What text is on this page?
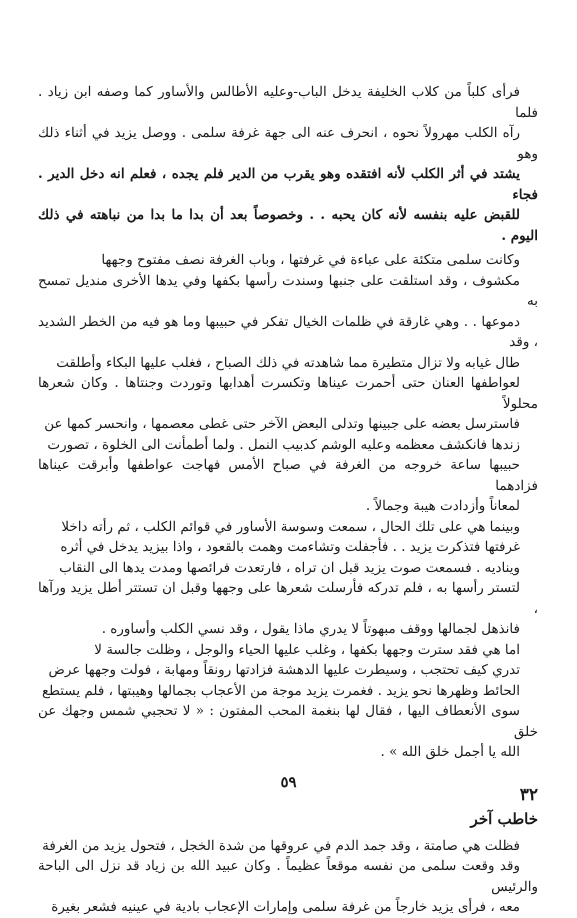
فرأى كلباً من كلاب الخليفة يدخل الباب-وعليه الأطالس والأساور كما وصفه ابن زياد . فلما
رآه الكلب مهرولاً نحوه ، انحرف عنه الى جهة غرفة سلمى . ووصل يزيد في أثناء ذلك وهو
يشتد في أثر الكلب لأنه افتقده وهو يقرب من الدير فلم يجده ، فعلم انه دخل الدير . فجاء
للقبض عليه بنفسه لأنه كان يحبه . . وخصوصاً بعد أن بدا ما بدا من نباهته في ذلك اليوم .

وكانت سلمى متكئة على عباءة في غرفتها ، وباب الغرفة نصف مفتوح وجهها
مكشوف ، وقد استلقت على جنبها وسندت رأسها بكفها وفي يدها الأخرى منديل تمسح به
دموعها . . وهي غارقة في ظلمات الخيال تفكر في حبيبها وما هو فيه من الخطر الشديد ، وقد
طال غيابه ولا تزال متطيرة مما شاهدته في ذلك الصباح ، فغلب عليها البكاء وأطلقت
لعواطفها العنان حتى أحمرت عيناها وتكسرت أهدابها وتوردت وجنتاها . وكان شعرها محلولاً
فاسترسل بعضه على جبينها وتدلى البعض الآخر حتى غطى معصمها ، وانحسر كمها عن
زندها فانكشف معظمه وعليه الوشم كدبيب النمل . ولما أطمأنت الى الخلوة ، تصورت
حبيبها ساعة خروجه من الغرفة في صباح الأمس فهاجت عواطفها وأبرقت عيناها فزادهما
لمعاناً وأزدادت هيبة وجمالاً .

وبينما هي على تلك الحال ، سمعت وسوسة الأساور في قوائم الكلب ، ثم رأته داخلا
غرفتها فتذكرت يزيد . . فأجفلت وتشاءمت وهمت بالقعود ، واذا بيزيد يدخل في أثره
ويناديه . فسمعت صوت يزيد قبل ان تراه ، فارتعدت فرائصها ومدت يدها الى النقاب
لتستر رأسها به ، فلم تدركه فأرسلت شعرها على وجهها وقبل ان تستتر أطل يزيد ورآها ،
فانذهل لجمالها ووقف مبهوتاً لا يدري ماذا يقول ، وقد نسي الكلب وأساوره .

اما هي فقد سترت وجهها بكفها ، وغلب عليها الحياء والوجل ، وظلت جالسة لا
تدري كيف تحتجب ، وسيطرت عليها الدهشة فزادتها رونقاً ومهابة ، فولت وجهها عرض
الحائط وظهرها نحو يزيد . فغمرت يزيد موجة من الأعجاب بجمالها وهيبتها ، فلم يستطع
سوى الأنعطاف اليها ، فقال لها بنغمة المحب المفتون : « لا تحجبي شمس وجهك عن خلق
الله يا أجمل خلق الله » .

٣٢
خاطب آخر

فظلت هي صامتة ، وقد جمد الدم في عروقها من شدة الخجل ، فتحول يزيد من الغرفة
وقد وقعت سلمى من نفسه موقعاً عظيماً . وكان عبيد الله بن زياد قد نزل الى الباحة والرئيس
معه ، فرأى يزيد خارجاً من غرفة سلمى وإمارات الإعجاب بادية في عينيه فشعر بغيرة

٥٩
